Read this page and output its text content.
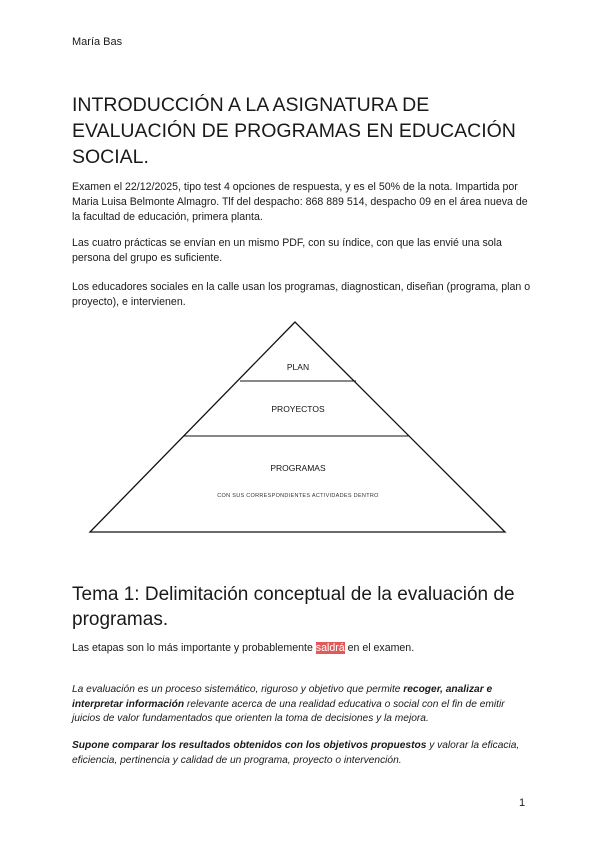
María Bas
INTRODUCCIÓN A LA ASIGNATURA DE EVALUACIÓN DE PROGRAMAS EN EDUCACIÓN SOCIAL.

Examen el 22/12/2025, tipo test 4 opciones de respuesta, y es el 50% de la nota. Impartida por Maria Luisa Belmonte Almagro. Tlf del despacho: 868 889 514, despacho 09 en el área nueva de la facultad de educación, primera planta.

Las cuatro prácticas se envían en un mismo PDF, con su índice, con que las envié una sola persona del grupo es suficiente.

Los educadores sociales en la calle usan los programas, diagnostican, diseñan (programa, plan o proyecto), e intervienen.

PLAN
PROYECTOS
PROGRAMAS
CON SUS CORRESPONDIENTES ACTIVIDADES DENTRO
Tema 1: Delimitación conceptual de la evaluación de programas.
Las etapas son lo más importante y probablemente saldrá en el examen.

La evaluación es un proceso sistemático, riguroso y objetivo que permite recoger, analizar e interpretar información relevante acerca de una realidad educativa o social con el fin de emitir juicios de valor fundamentados que orienten la toma de decisiones y la mejora.

Supone comparar los resultados obtenidos con los objetivos propuestos y valorar la eficacia, eficiencia, pertinencia y calidad de un programa, proyecto o intervención.

1
